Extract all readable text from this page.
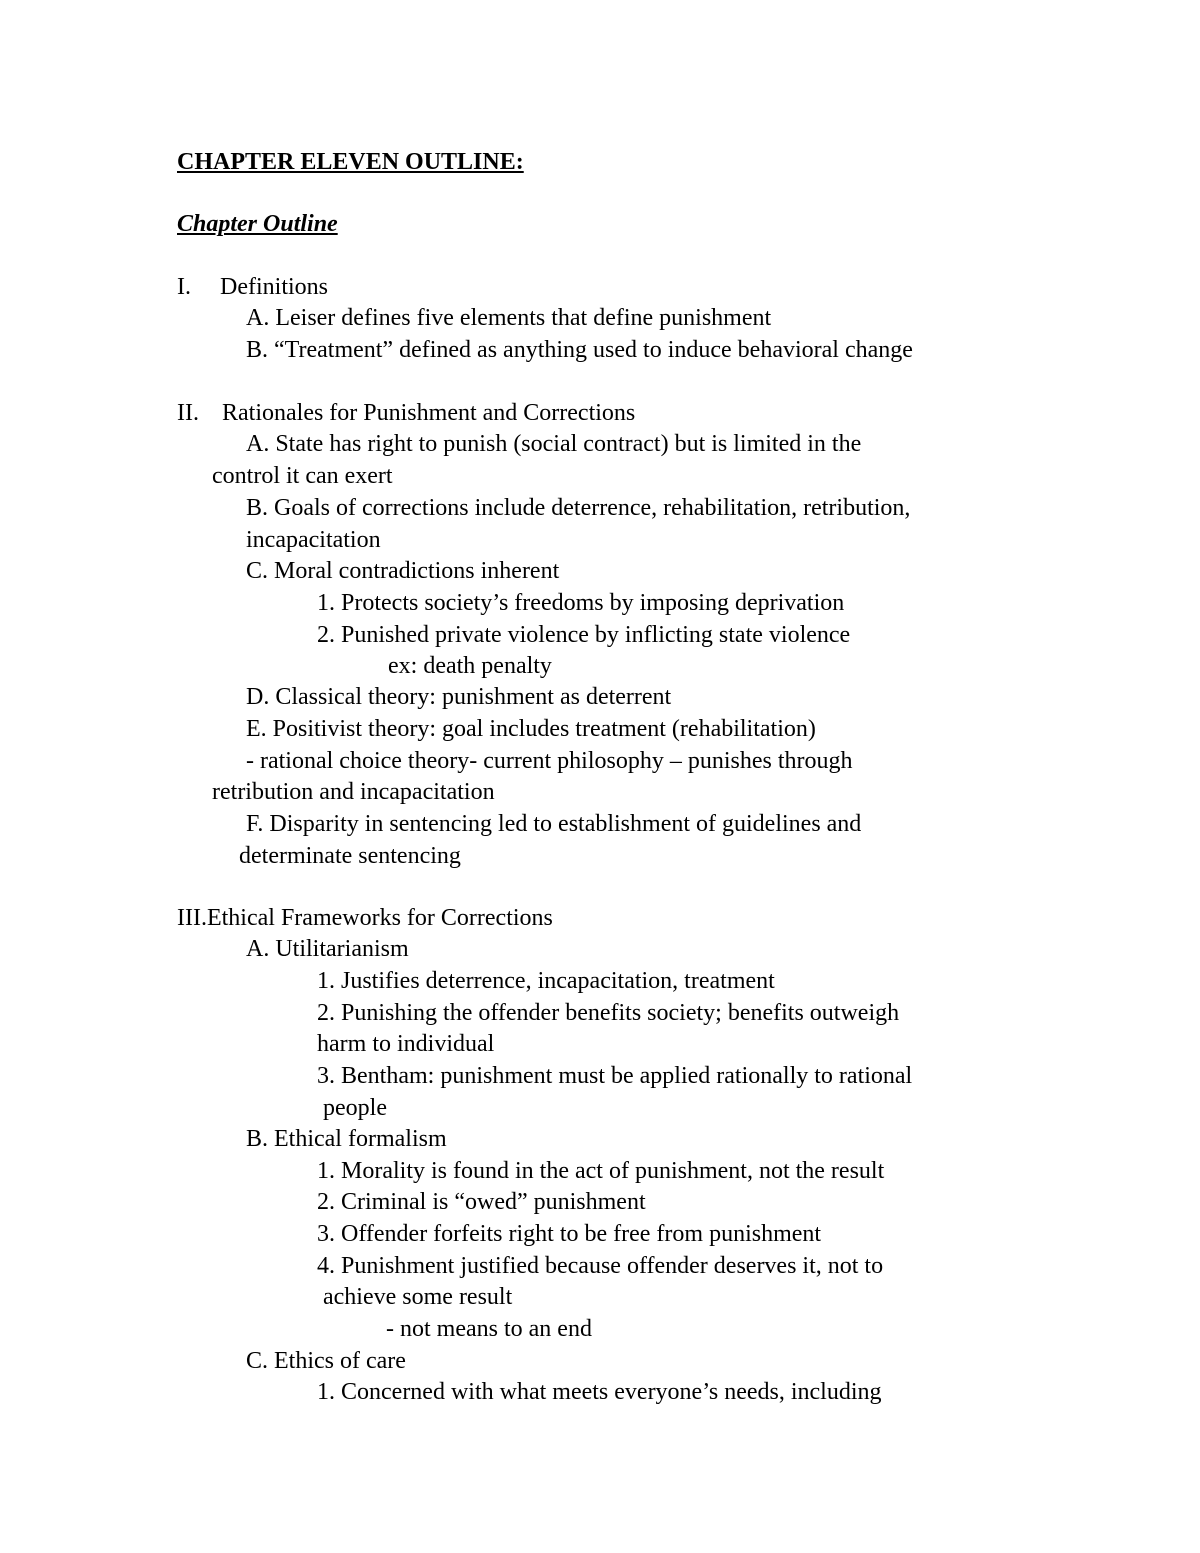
CHAPTER ELEVEN OUTLINE:
Chapter Outline
I. Definitions
A. Leiser defines five elements that define punishment
B. “Treatment” defined as anything used to induce behavioral change
II. Rationales for Punishment and Corrections
A. State has right to punish (social contract) but is limited in the
control it can exert
B. Goals of corrections include deterrence, rehabilitation, retribution,
incapacitation
C. Moral contradictions inherent
1. Protects society’s freedoms by imposing deprivation
2. Punished private violence by inflicting state violence
ex: death penalty
D. Classical theory: punishment as deterrent
E. Positivist theory: goal includes treatment (rehabilitation)
- rational choice theory- current philosophy – punishes through
retribution and incapacitation
F. Disparity in sentencing led to establishment of guidelines and
determinate sentencing
III.Ethical Frameworks for Corrections
A. Utilitarianism
1. Justifies deterrence, incapacitation, treatment
2. Punishing the offender benefits society; benefits outweigh
harm to individual
3. Bentham: punishment must be applied rationally to rational
people
B. Ethical formalism
1. Morality is found in the act of punishment, not the result
2. Criminal is “owed” punishment
3. Offender forfeits right to be free from punishment
4. Punishment justified because offender deserves it, not to
achieve some result
- not means to an end
C. Ethics of care
1. Concerned with what meets everyone’s needs, including
